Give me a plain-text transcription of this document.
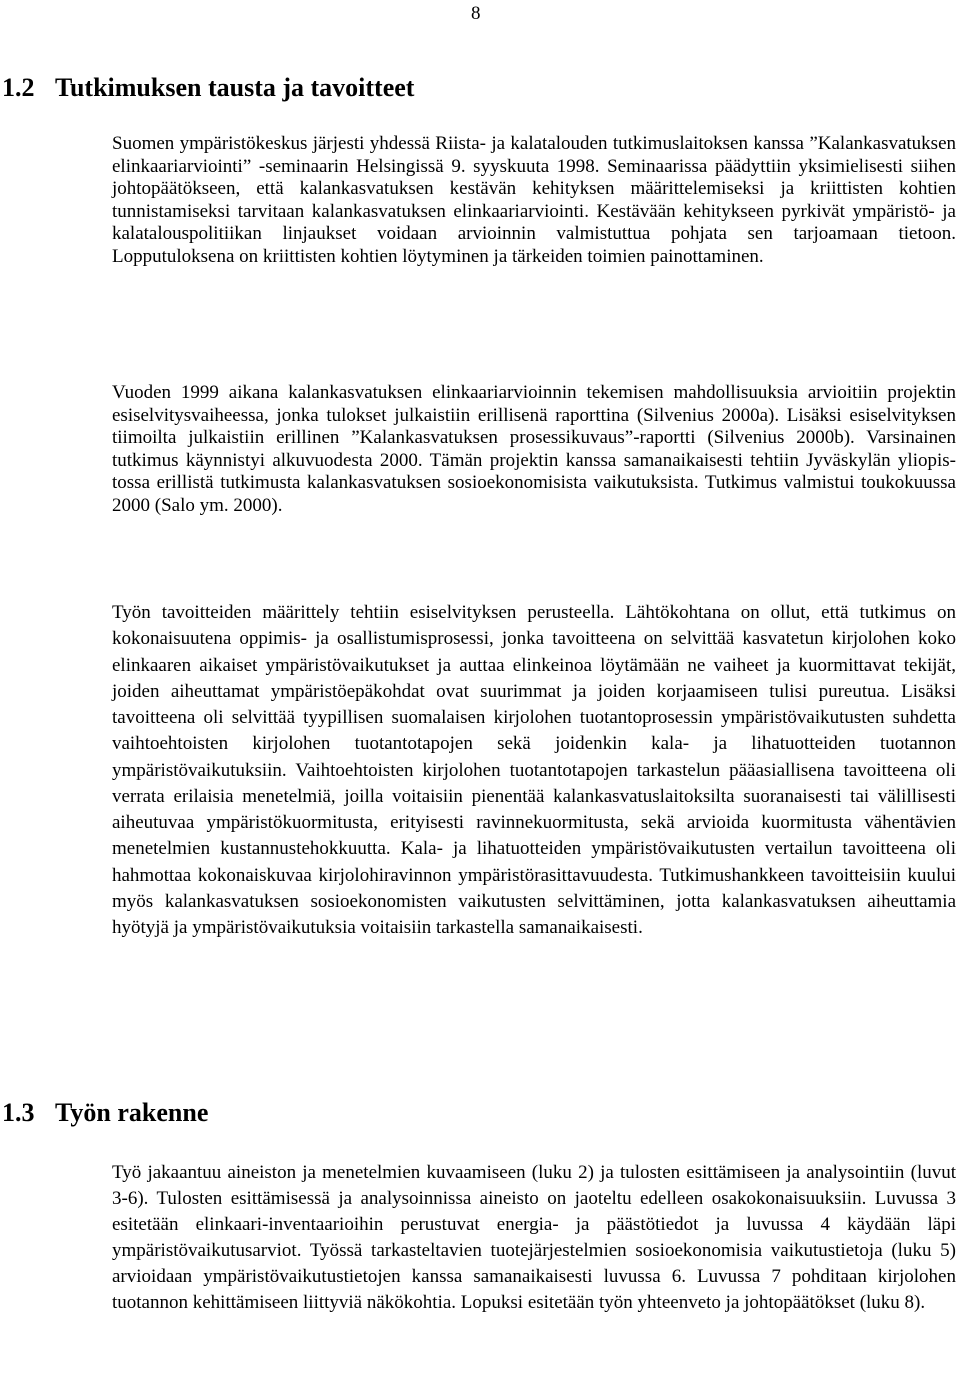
8
1.2 Tutkimuksen tausta ja tavoitteet

Suomen ympäristökeskus järjesti yhdessä Riista- ja kalatalouden tutkimuslaitoksen kanssa ”Kalankasvatuksen elinkaariarviointi” -seminaarin Helsingissä 9. syyskuuta 1998. Seminaarissa päädyttiin yksimielisesti siihen johtopäätökseen, että kalankasvatuksen kestävän kehityksen määrittelemiseksi ja kriittisten kohtien tunnistamiseksi tarvitaan kalankasvatuksen elinkaariarviointi. Kestävään kehitykseen pyrkivät ympäristö- ja kalatalouspolitiikan linjaukset voidaan arvioinnin valmistuttua pohjata sen tarjoamaan tietoon. Lopputuloksena on kriittisten kohtien löytyminen ja tärkeiden toimien painottaminen.

Vuoden 1999 aikana kalankasvatuksen elinkaariarvioinnin tekemisen mahdollisuuksia arvioitiin projektin esiselvitysvaiheessa, jonka tulokset julkaistiin erillisenä raporttina (Silvenius 2000a). Lisäksi esiselvityksen tiimoilta julkaistiin erillinen ”Kalankasvatuksen prosessikuvaus”-raportti (Silvenius 2000b). Varsinainen tutkimus käynnistyi alkuvuodesta 2000. Tämän projektin kanssa samanaikaisesti tehtiin Jyväskylän yliopistossa erillistä tutkimusta kalankasvatuksen sosioekonomisista vaikutuksista. Tutkimus valmistui toukokuussa 2000 (Salo ym. 2000).

Työn tavoitteiden määrittely tehtiin esiselvityksen perusteella. Lähtökohtana on ollut, että tutkimus on kokonaisuutena oppimis- ja osallistumisprosessi, jonka tavoitteena on selvittää kasvatetun kirjolohen koko elinkaaren aikaiset ympäristövaikutukset ja auttaa elinkeinoa löytämään ne vaiheet ja kuormittavat tekijät, joiden aiheuttamat ympäristöepäkohdat ovat suurimmat ja joiden korjaamiseen tulisi pureutua. Lisäksi tavoitteena oli selvittää tyypillisen suomalaisen kirjolohen tuotantoprosessin ympäristövaikutusten suhdetta vaihtoehtoisten kirjolohen tuotantotapojen sekä joidenkin kala- ja lihatuotteiden tuotannon ympäristövaikutuksiin. Vaihtoehtoisten kirjolohen tuotantotapojen tarkastelun pääasiallisena tavoitteena oli verrata erilaisia menetelmiä, joilla voitaisiin pienentää kalankasvatuslaitoksilta suoranaisesti tai välillisesti aiheutuvaa ympäristökuormitusta, erityisesti ravinnekuormitusta, sekä arvioida kuormitusta vähentävien menetelmien kustannustehokkuutta. Kala- ja lihatuotteiden ympäristövaikutusten vertailun tavoitteena oli hahmottaa kokonaiskuvaa kirjolohiravinnon ympäristörasittavuudesta. Tutkimushankkeen tavoitteisiin kuului myös kalankasvatuksen sosioekonomisten vaikutusten selvittäminen, jotta kalankasvatuksen aiheuttamia hyötyjä ja ympäristövaikutuksia voitaisiin tarkastella samanaikaisesti.

1.3 Työn rakenne

Työ jakaantuu aineiston ja menetelmien kuvaamiseen (luku 2) ja tulosten esittämiseen ja analysointiin (luvut 3-6). Tulosten esittämisessä ja analysoinnissa aineisto on jaoteltu edelleen osakokonaisuuksiin. Luvussa 3 esitetään elinkaari-inventaarioihin perustuvat energia- ja päästötiedot ja luvussa 4 käydään läpi ympäristövaikutusarviot. Työssä tarkasteltavien tuotejärjestelmien sosioekonomisia vaikutustietoja (luku 5) arvioidaan ympäristövaikutustietojen kanssa samanaikaisesti luvussa 6. Luvussa 7 pohditaan kirjolohen tuotannon kehittämiseen liittyviä näkökohtia. Lopuksi esitetään työn yhteenveto ja johtopäätökset (luku 8).
